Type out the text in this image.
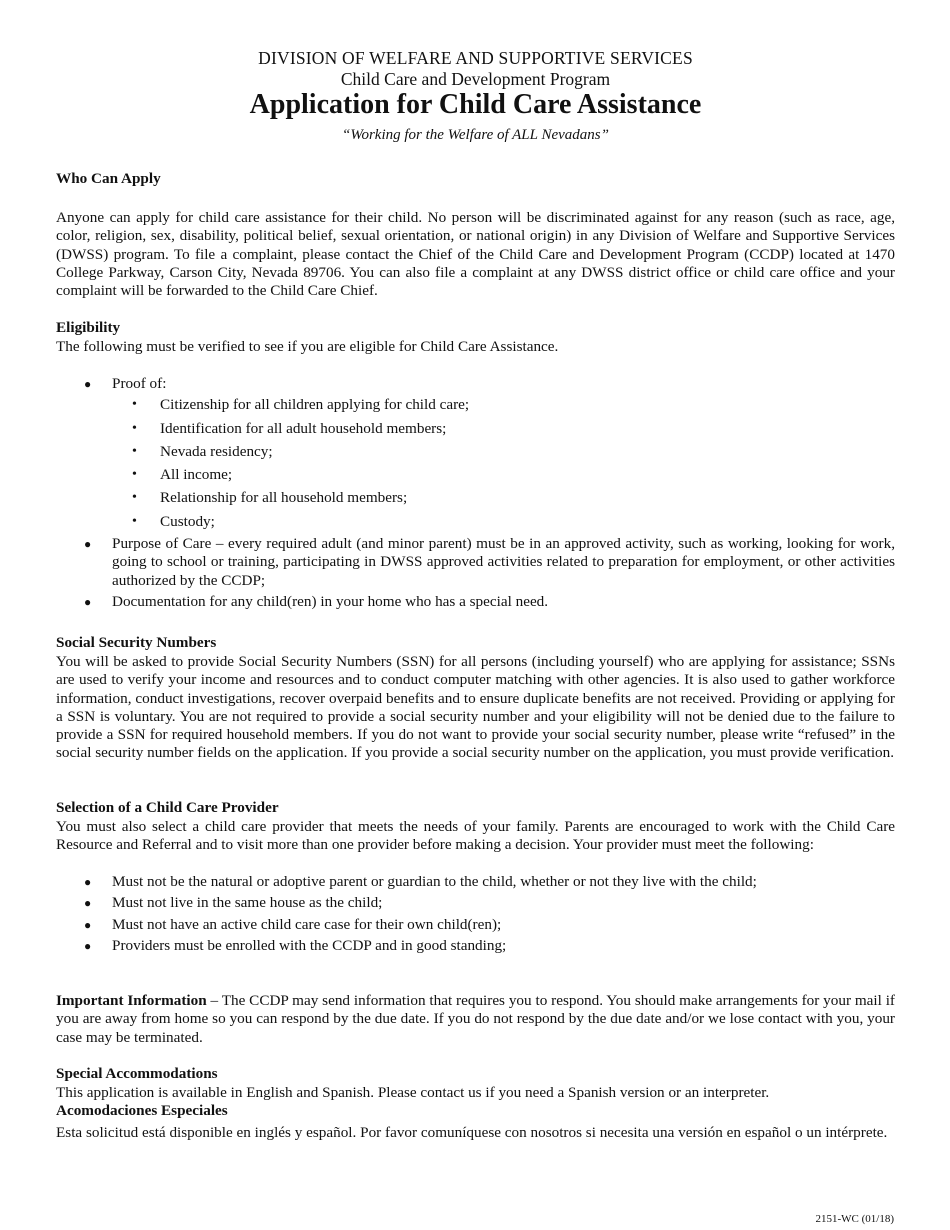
DIVISION OF WELFARE AND SUPPORTIVE SERVICES
Child Care and Development Program
Application for Child Care Assistance
“Working for the Welfare of ALL Nevadans”
Who Can Apply
Anyone can apply for child care assistance for their child. No person will be discriminated against for any reason (such as race, age, color, religion, sex, disability, political belief, sexual orientation, or national origin) in any Division of Welfare and Supportive Services (DWSS) program. To file a complaint, please contact the Chief of the Child Care and Development Program (CCDP) located at 1470 College Parkway, Carson City, Nevada 89706. You can also file a complaint at any DWSS district office or child care office and your complaint will be forwarded to the Child Care Chief.
Eligibility
The following must be verified to see if you are eligible for Child Care Assistance.
● Proof of:
• Citizenship for all children applying for child care;
• Identification for all adult household members;
• Nevada residency;
• All income;
• Relationship for all household members;
• Custody;
● Purpose of Care – every required adult (and minor parent) must be in an approved activity, such as working, looking for work, going to school or training, participating in DWSS approved activities related to preparation for employment, or other activities authorized by the CCDP;
● Documentation for any child(ren) in your home who has a special need.
Social Security Numbers
You will be asked to provide Social Security Numbers (SSN) for all persons (including yourself) who are applying for assistance; SSNs are used to verify your income and resources and to conduct computer matching with other agencies. It is also used to gather workforce information, conduct investigations, recover overpaid benefits and to ensure duplicate benefits are not received. Providing or applying for a SSN is voluntary. You are not required to provide a social security number and your eligibility will not be denied due to the failure to provide a SSN for required household members. If you do not want to provide your social security number, please write “refused” in the social security number fields on the application. If you provide a social security number on the application, you must provide verification.
Selection of a Child Care Provider
You must also select a child care provider that meets the needs of your family. Parents are encouraged to work with the Child Care Resource and Referral and to visit more than one provider before making a decision. Your provider must meet the following:
● Must not be the natural or adoptive parent or guardian to the child, whether or not they live with the child;
● Must not live in the same house as the child;
● Must not have an active child care case for their own child(ren);
● Providers must be enrolled with the CCDP and in good standing;
Important Information – The CCDP may send information that requires you to respond. You should make arrangements for your mail if you are away from home so you can respond by the due date. If you do not respond by the due date and/or we lose contact with you, your case may be terminated.
Special Accommodations
This application is available in English and Spanish. Please contact us if you need a Spanish version or an interpreter.
Acomodaciones Especiales
Esta solicitud está disponible en inglés y español. Por favor comuníquese con nosotros si necesita una versión en español o un intérprete.
2151-WC (01/18)
